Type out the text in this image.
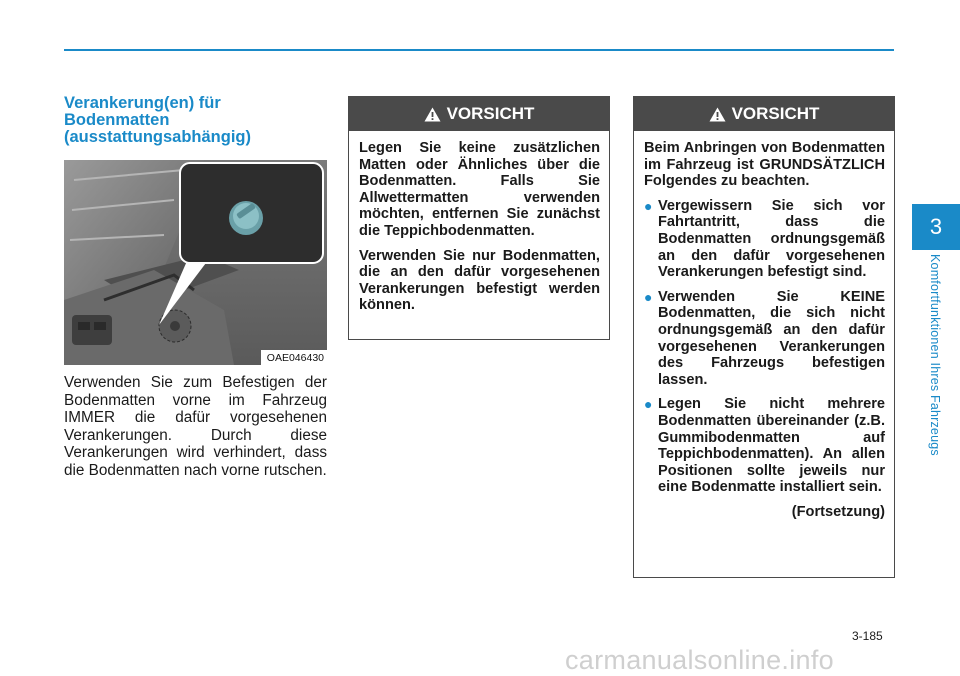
Verankerung(en) für
Bodenmatten
(ausstattungsabhängig)
OAE046430
Verwenden Sie zum Befestigen der Bodenmatten vorne im Fahrzeug IMMER die dafür vorgesehenen Verankerungen. Durch diese Verankerungen wird verhindert, dass die Bodenmatten nach vorne rutschen.
VORSICHT

Legen Sie keine zusätzlichen Matten oder Ähnliches über die Bodenmatten. Falls Sie Allwettermatten verwenden möchten, entfernen Sie zunächst die Teppichbodenmatten.

Verwenden Sie nur Bodenmatten, die an den dafür vorgesehenen Verankerungen befestigt werden können.

VORSICHT

Beim Anbringen von Bodenmatten im Fahrzeug ist GRUNDSÄTZLICH Folgendes zu beachten.

● Vergewissern Sie sich vor Fahrtantritt, dass die Bodenmatten ordnungsgemäß an den dafür vorgesehenen Verankerungen befestigt sind.
● Verwenden Sie KEINE Bodenmatten, die sich nicht ordnungsgemäß an den dafür vorgesehenen Verankerungen des Fahrzeugs befestigen lassen.
● Legen Sie nicht mehrere Bodenmatten übereinander (z.B. Gummibodenmatten auf Teppichbodenmatten). An allen Positionen sollte jeweils nur eine Bodenmatte installiert sein.
(Fortsetzung)
3
Komfortfunktionen Ihres Fahrzeugs
3-185
carmanualsonline.info
